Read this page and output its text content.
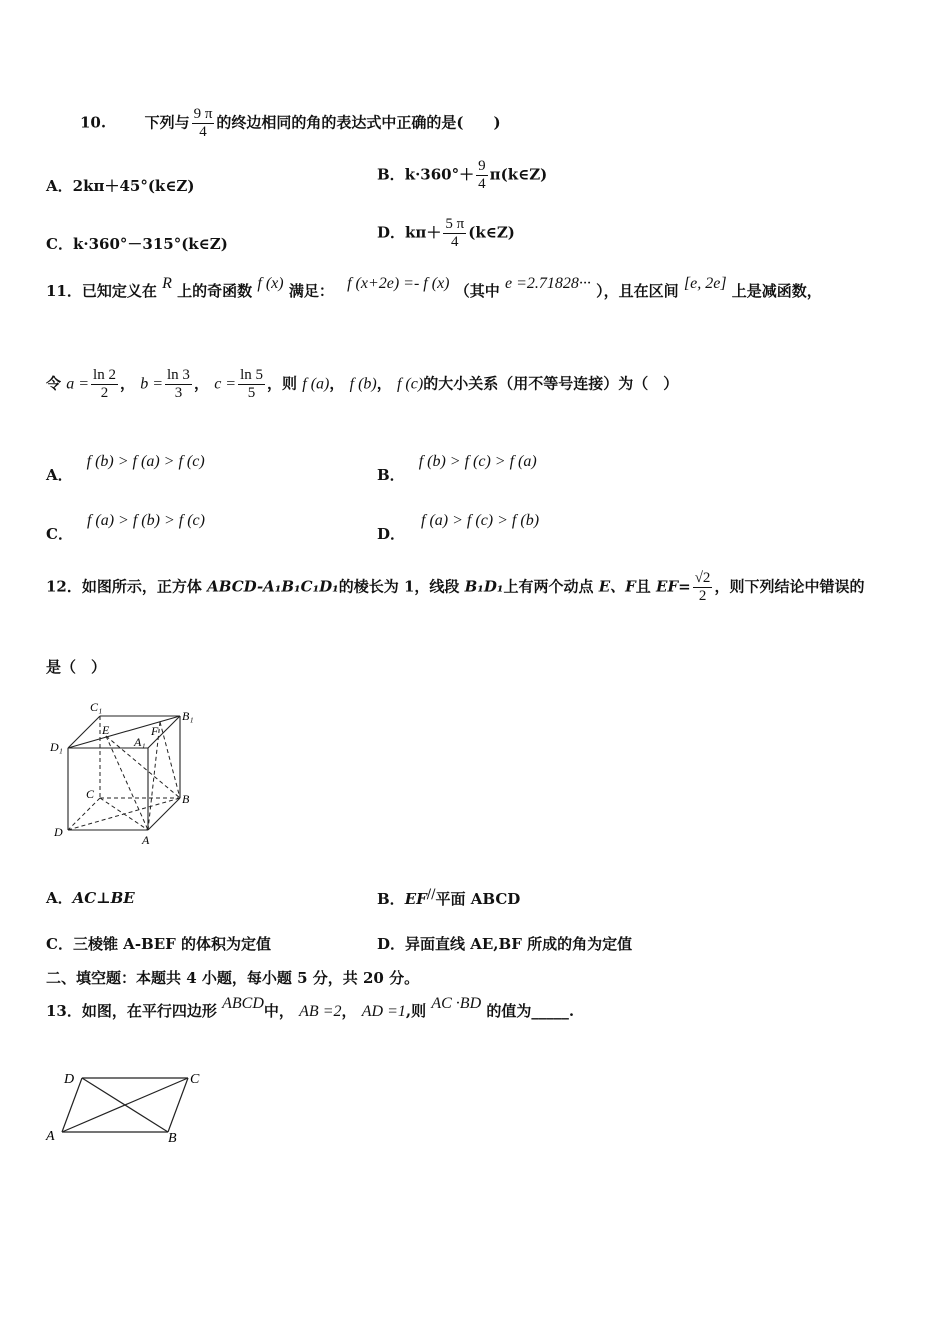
10.	下列与 $\frac{9 \pi}{4}$ 的终边相同的角的表达式中正确的是(　　)
A．2kπ＋45°(k∈Z)
B．$k\cdot 360^\circ+ \frac{9}{4}$ π(k∈Z)
C．k·360°－315°(k∈Z)
D．$k\pi+ \frac{5 \pi}{4}$ (k∈Z)
11．已知定义在 R 上的奇函数 f (x) 满足： f (x+2e) =- f (x) （其中 e =2.71828··· ），且在区间 [e, 2e] 上是减函数，
令 $a = \frac{\ln 2}{2}$ ， $b = \frac{\ln 3}{3}$ ， $c = \frac{\ln 5}{5}$ ，则 f (a)， f (b)， f (c)的大小关系（用不等号连接）为（　）
A．f (b) > f (a) > f (c)
B．f (b) > f (c) > f (a)
C．f (a) > f (b) > f (c)
D．f (a) > f (c) > f (b)
12．如图所示，正方体 ABCD-A₁B₁C₁D₁的棱长为 1，线段 B₁D₁上有两个动点 E、F且 $EF= \frac{√2}{2}$ ，则下列结论中错误的
是（　）
C₁
B₁
D₁	A₁
E	F
C	B
D
A
A．AC⊥BE	B．EF//平面 ABCD
C．三棱锥 A-BEF 的体积为定值	D．异面直线 AE,BF 所成的角为定值
二、填空题：本题共 4 小题，每小题 5 分，共 20 分。
13．如图，在平行四边形 ABCD中， AB =2， AD =1,则 AC ·BD 的值为_____.
D	C
A	B
